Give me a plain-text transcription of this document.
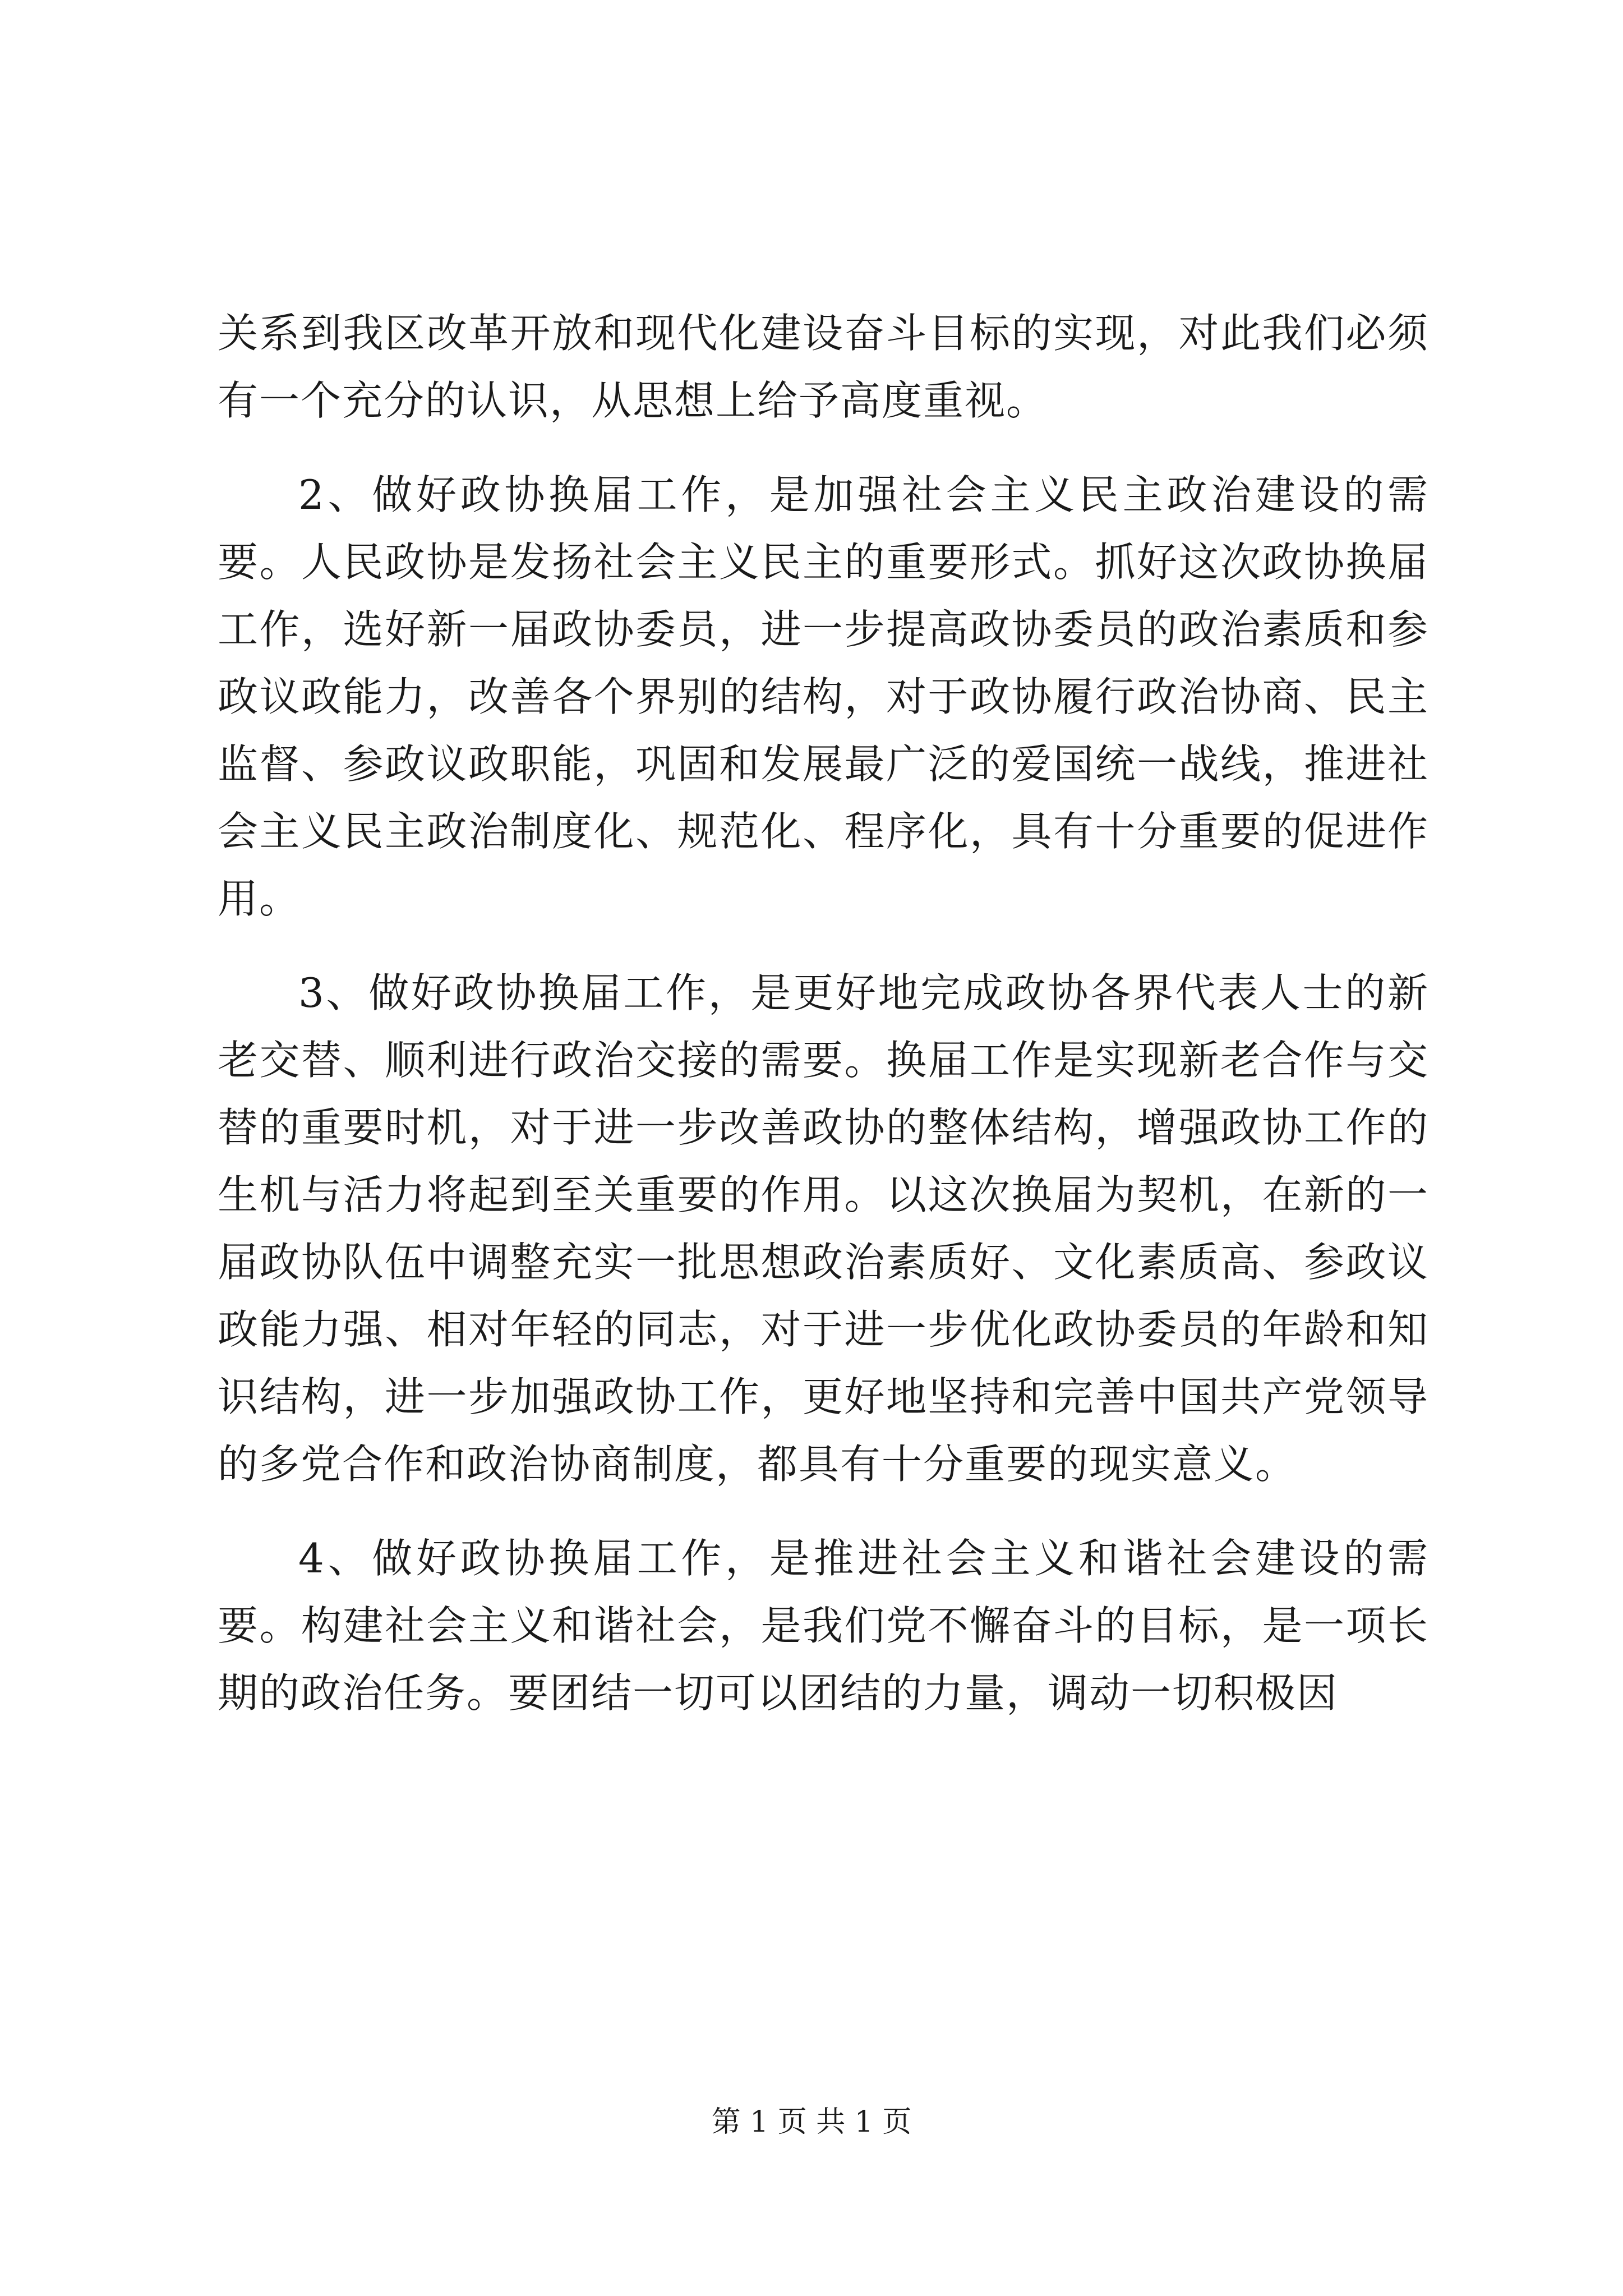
关系到我区改革开放和现代化建设奋斗目标的实现，对此我们必须有一个充分的认识，从思想上给予高度重视。

2、做好政协换届工作，是加强社会主义民主政治建设的需要。人民政协是发扬社会主义民主的重要形式。抓好这次政协换届工作，选好新一届政协委员，进一步提高政协委员的政治素质和参政议政能力，改善各个界别的结构，对于政协履行政治协商、民主监督、参政议政职能，巩固和发展最广泛的爱国统一战线，推进社会主义民主政治制度化、规范化、程序化，具有十分重要的促进作用。

3、做好政协换届工作，是更好地完成政协各界代表人士的新老交替、顺利进行政治交接的需要。换届工作是实现新老合作与交替的重要时机，对于进一步改善政协的整体结构，增强政协工作的生机与活力将起到至关重要的作用。以这次换届为契机，在新的一届政协队伍中调整充实一批思想政治素质好、文化素质高、参政议政能力强、相对年轻的同志，对于进一步优化政协委员的年龄和知识结构，进一步加强政协工作，更好地坚持和完善中国共产党领导的多党合作和政治协商制度，都具有十分重要的现实意义。

4、做好政协换届工作，是推进社会主义和谐社会建设的需要。构建社会主义和谐社会，是我们党不懈奋斗的目标，是一项长期的政治任务。要团结一切可以团结的力量，调动一切积极因

第 1 页 共 1 页
